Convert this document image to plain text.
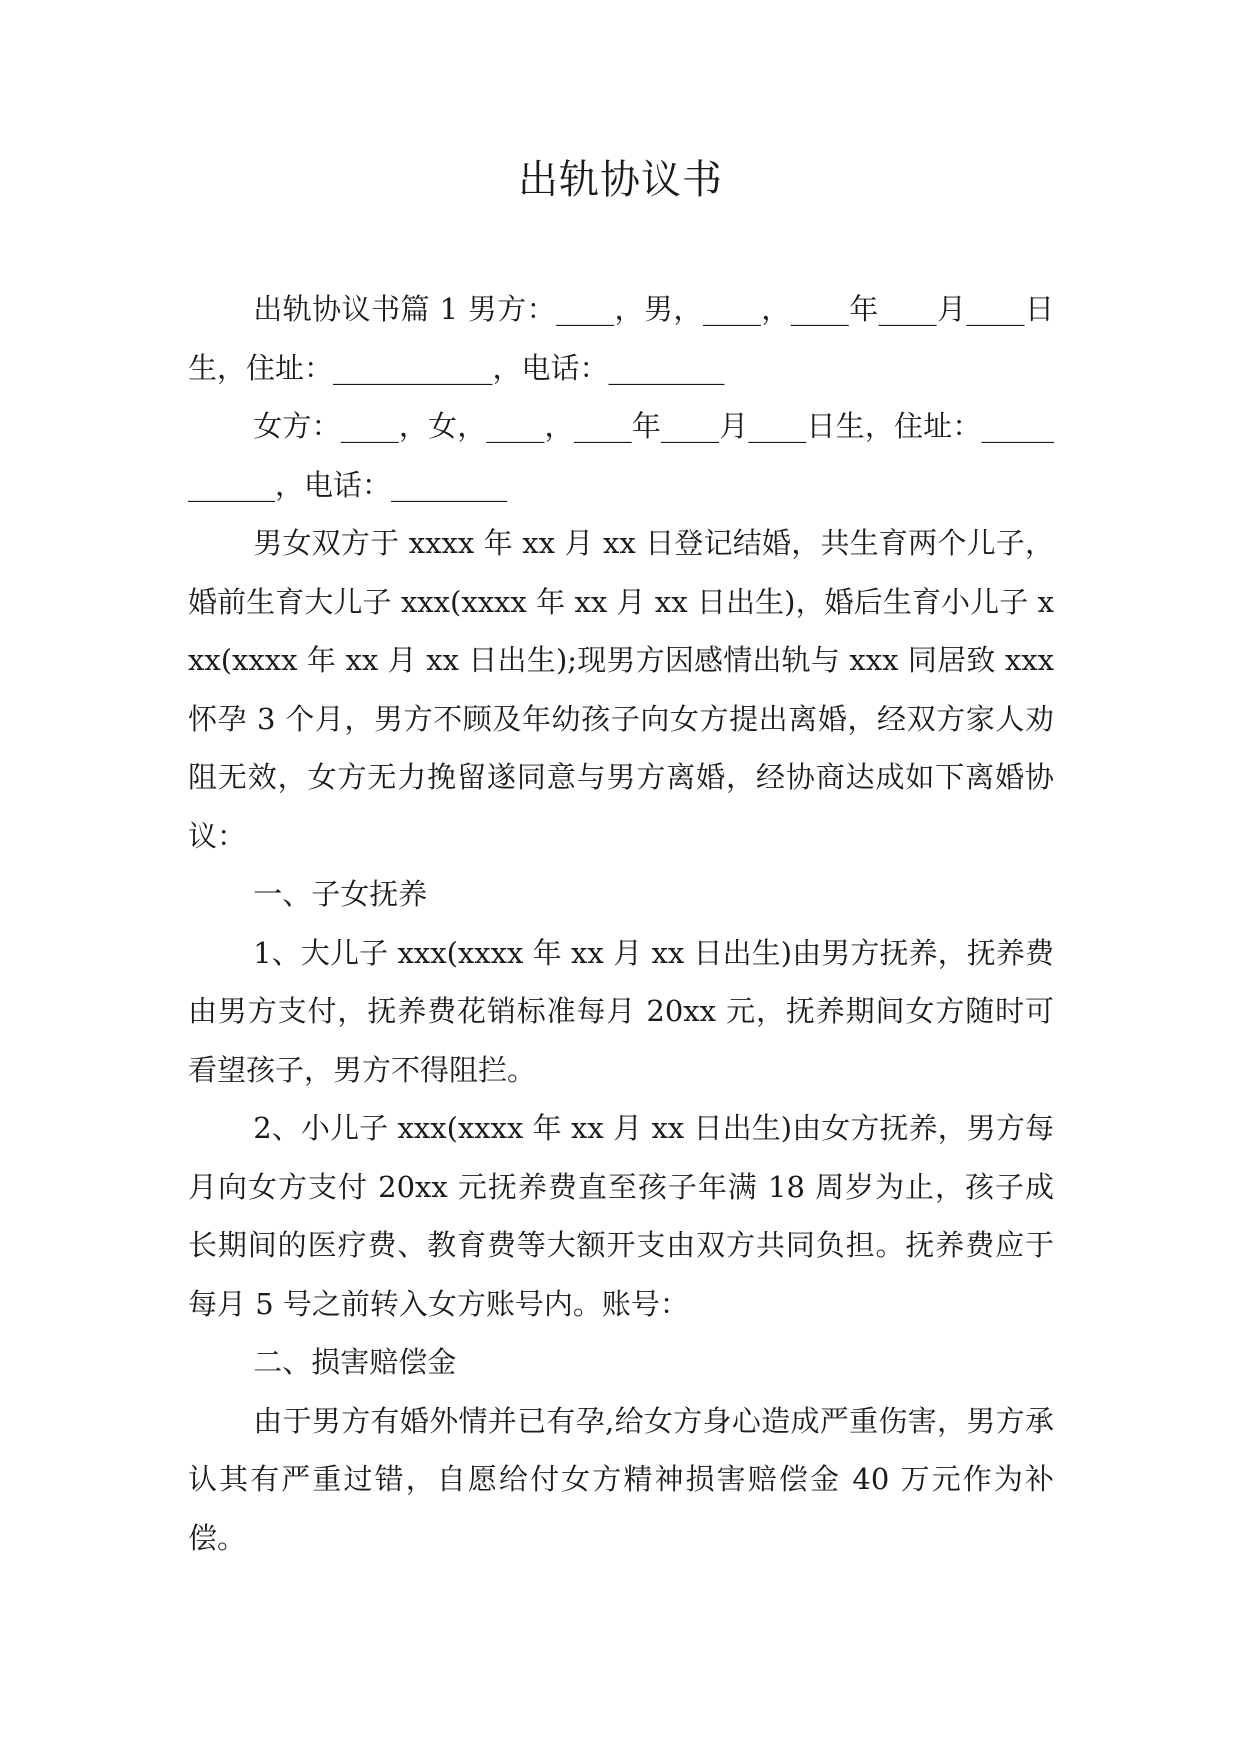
出轨协议书

出轨协议书篇 1 男方：____，男，____，____年____月____日生，住址：___________，电话：________

女方：____，女，____，____年____月____日生，住址：___________，电话：________

男女双方于 xxxx 年 xx 月 xx 日登记结婚，共生育两个儿子，婚前生育大儿子 xxx(xxxx 年 xx 月 xx 日出生)，婚后生育小儿子 xxx(xxxx 年 xx 月 xx 日出生);现男方因感情出轨与 xxx 同居致 xxx 怀孕 3 个月，男方不顾及年幼孩子向女方提出离婚，经双方家人劝阻无效，女方无力挽留遂同意与男方离婚，经协商达成如下离婚协议：

一、子女抚养

1、大儿子 xxx(xxxx 年 xx 月 xx 日出生)由男方抚养，抚养费由男方支付，抚养费花销标准每月 20xx 元，抚养期间女方随时可看望孩子，男方不得阻拦。

2、小儿子 xxx(xxxx 年 xx 月 xx 日出生)由女方抚养，男方每月向女方支付 20xx 元抚养费直至孩子年满 18 周岁为止，孩子成长期间的医疗费、教育费等大额开支由双方共同负担。抚养费应于每月 5 号之前转入女方账号内。账号：

二、损害赔偿金

由于男方有婚外情并已有孕,给女方身心造成严重伤害，男方承认其有严重过错，自愿给付女方精神损害赔偿金 40 万元作为补偿。
